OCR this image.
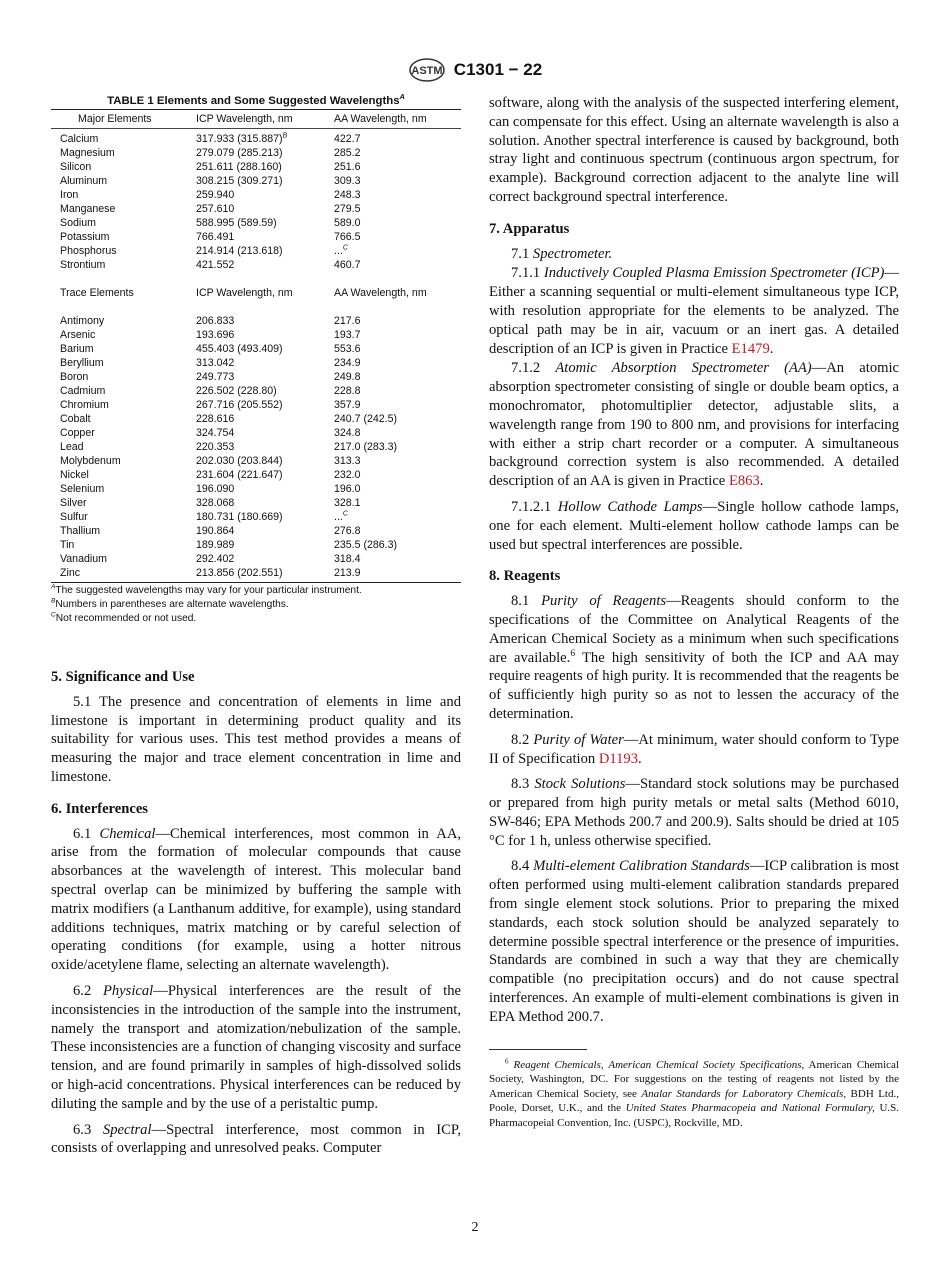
ASTM C1301 − 22
TABLE 1 Elements and Some Suggested Wavelengths$^A$
Major Elements	ICP Wavelength, nm	AA Wavelength, nm
Calcium	317.933 $(315.887)^B$	422.7
Magnesium	279.079 (285.213)	285.2
Silicon	251.611 (288.160)	251.6
Aluminum	308.215 (309.271)	309.3
Iron	259.940	248.3
Manganese	257.610	279.5
Sodium	588.995 (589.59)	589.0
Potassium	766.491	766.5
Phosphorus	214.914 (213.618)	...$^C$
Strontium	421.552	460.7
Trace Elements	ICP Wavelength, nm	AA Wavelength, nm
Antimony	206.833	217.6
Arsenic	193.696	193.7
Barium	455.403 (493.409)	553.6
Beryllium	313.042	234.9
Boron	249.773	249.8
Cadmium	226.502 (228.80)	228.8
Chromium	267.716 (205.552)	357.9
Cobalt	228.616	240.7 (242.5)
Copper	324.754	324.8
Lead	220.353	217.0 (283.3)
Molybdenum	202.030 (203.844)	313.3
Nickel	231.604 (221.647)	232.0
Selenium	196.090	196.0
Silver	328.068	328.1
Sulfur	180.731 (180.669)	...$^C$
Thallium	190.864	276.8
Tin	189.989	235.5 (286.3)
Vanadium	292.402	318.4
Zinc	213.856 (202.551)	213.9
$^A$The suggested wavelengths may vary for your particular instrument.
$^B$Numbers in parentheses are alternate wavelengths.
$^C$Not recommended or not used.
5. Significance and Use

5.1 The presence and concentration of elements in lime and limestone is important in determining product quality and its suitability for various uses. This test method provides a means of measuring the major and trace element concentration in lime and limestone.

6. Interferences

6.1 Chemical—Chemical interferences, most common in AA, arise from the formation of molecular compounds that cause absorbances at the wavelength of interest. This molecular band spectral overlap can be minimized by buffering the sample with matrix modifiers (a Lanthanum additive, for example), using standard additions techniques, matrix matching or by careful selection of operating conditions (for example, using a hotter nitrous oxide/acetylene flame, selecting an alternate wavelength).

6.2 Physical—Physical interferences are the result of the inconsistencies in the introduction of the sample into the instrument, namely the transport and atomization/nebulization of the sample. These inconsistencies are a function of changing viscosity and surface tension, and are found primarily in samples of high-dissolved solids or high-acid concentrations. Physical interferences can be reduced by diluting the sample and by the use of a peristaltic pump.

6.3 Spectral—Spectral interference, most common in ICP, consists of overlapping and unresolved peaks. Computer

software, along with the analysis of the suspected interfering element, can compensate for this effect. Using an alternate wavelength is also a solution. Another spectral interference is caused by background, both stray light and continuous spectrum (continuous argon spectrum, for example). Background correction adjacent to the analyte line will correct background spectral interference.

7. Apparatus

7.1 Spectrometer.

7.1.1 Inductively Coupled Plasma Emission Spectrometer (ICP)—Either a scanning sequential or multi-element simultaneous type ICP, with resolution appropriate for the elements to be analyzed. The optical path may be in air, vacuum or an inert gas. A detailed description of an ICP is given in Practice E1479.

7.1.2 Atomic Absorption Spectrometer (AA)—An atomic absorption spectrometer consisting of single or double beam optics, a monochromator, photomultiplier detector, adjustable slits, a wavelength range from 190 to 800 nm, and provisions for interfacing with either a strip chart recorder or a computer. A simultaneous background correction system is also recommended. A detailed description of an AA is given in Practice E863.

7.1.2.1 Hollow Cathode Lamps—Single hollow cathode lamps, one for each element. Multi-element hollow cathode lamps can be used but spectral interferences are possible.

8. Reagents

8.1 Purity of Reagents—Reagents should conform to the specifications of the Committee on Analytical Reagents of the American Chemical Society as a minimum when such specifications are available.$^6$ The high sensitivity of both the ICP and AA may require reagents of high purity. It is recommended that the reagents be of sufficiently high purity so as not to lessen the accuracy of the determination.

8.2 Purity of Water—At minimum, water should conform to Type II of Specification D1193.

8.3 Stock Solutions—Standard stock solutions may be purchased or prepared from high purity metals or metal salts (Method 6010, SW-846; EPA Methods 200.7 and 200.9). Salts should be dried at 105 °C for 1 h, unless otherwise specified.

8.4 Multi-element Calibration Standards—ICP calibration is most often performed using multi-element calibration standards prepared from single element stock solutions. Prior to preparing the mixed standards, each stock solution should be analyzed separately to determine possible spectral interference or the presence of impurities. Standards are combined in such a way that they are chemically compatible (no precipitation occurs) and do not cause spectral interferences. An example of multi-element combinations is given in EPA Method 200.7.

$^6$ Reagent Chemicals, American Chemical Society Specifications, American Chemical Society, Washington, DC. For suggestions on the testing of reagents not listed by the American Chemical Society, see Analar Standards for Laboratory Chemicals, BDH Ltd., Poole, Dorset, U.K., and the United States Pharmacopeia and National Formulary, U.S. Pharmacopeial Convention, Inc. (USPC), Rockville, MD.
2
